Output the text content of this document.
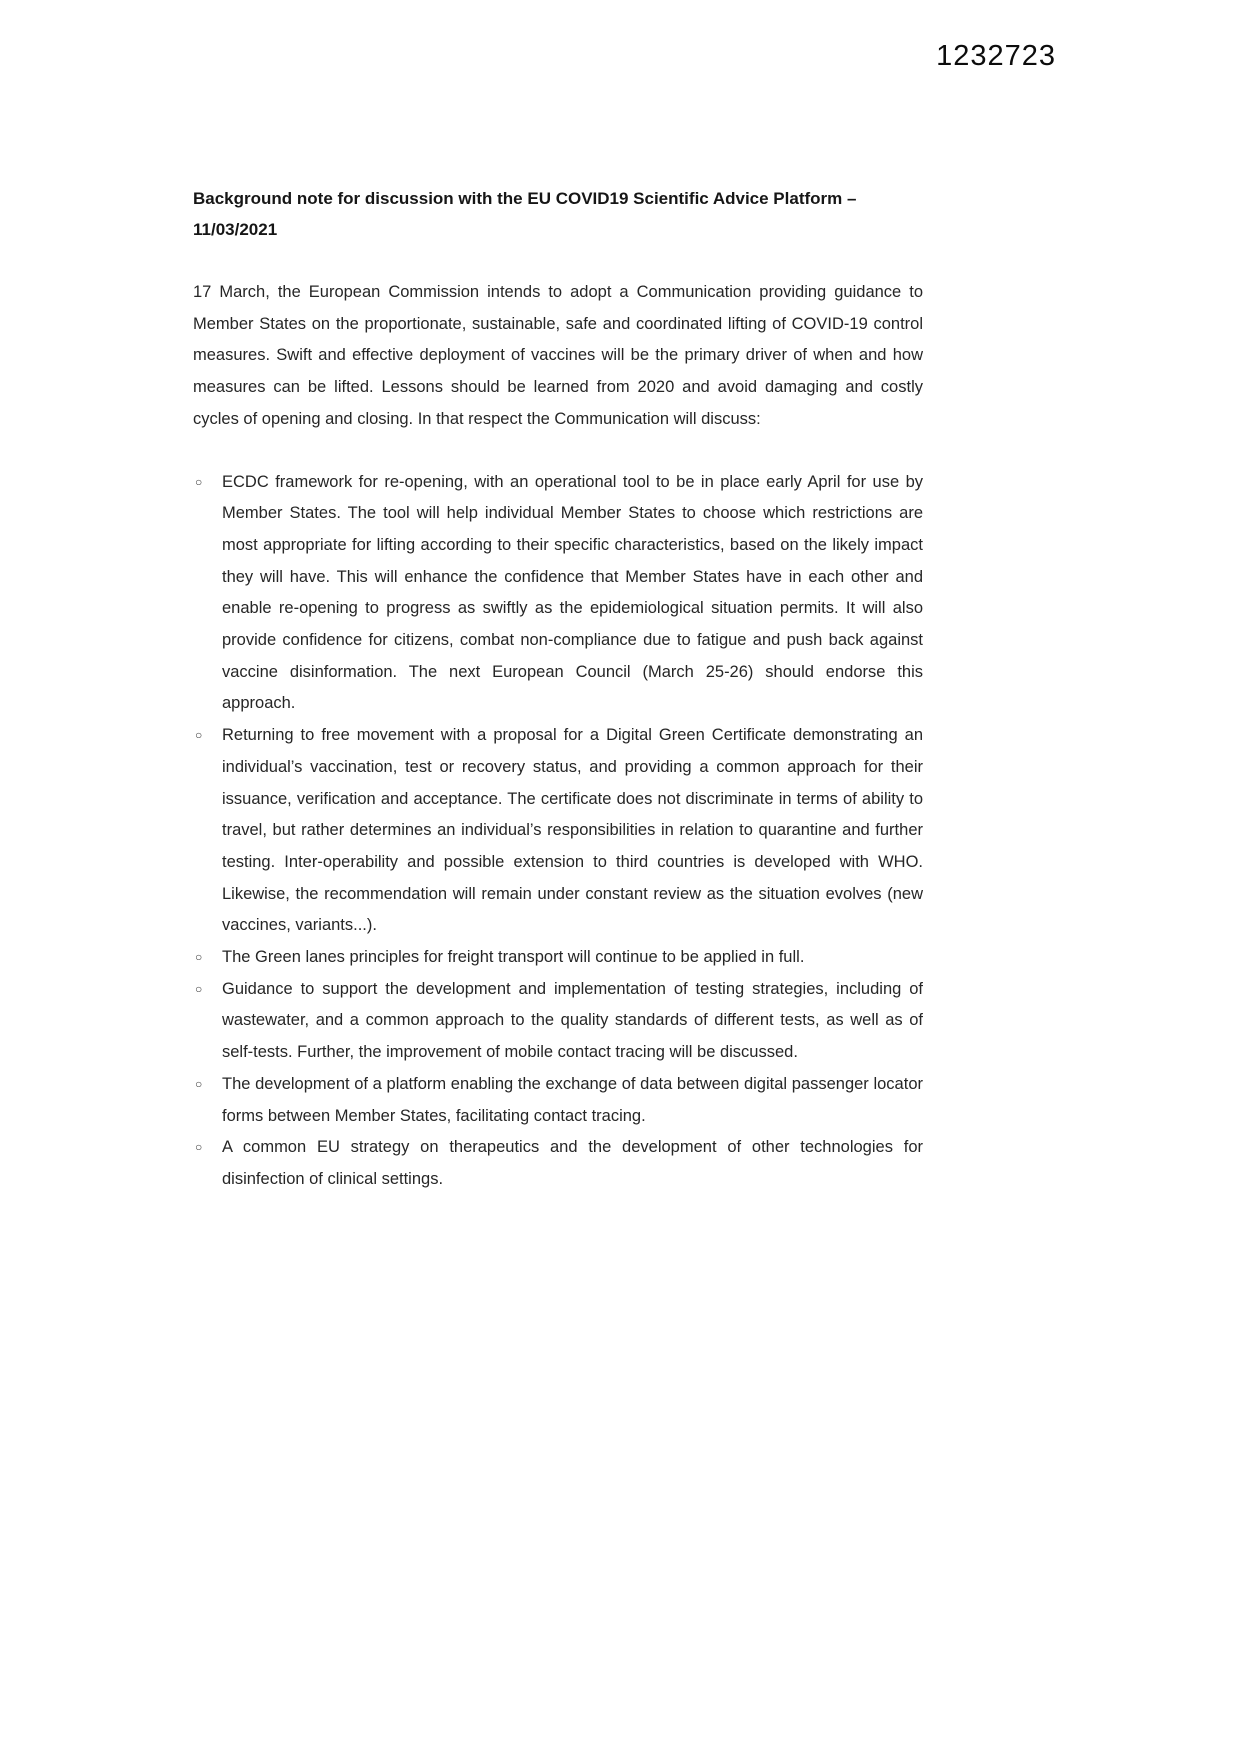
1232723
Background note for discussion with the EU COVID19 Scientific Advice Platform – 11/03/2021

17 March, the European Commission intends to adopt a Communication providing guidance to Member States on the proportionate, sustainable, safe and coordinated lifting of COVID-19 control measures. Swift and effective deployment of vaccines will be the primary driver of when and how measures can be lifted. Lessons should be learned from 2020 and avoid damaging and costly cycles of opening and closing. In that respect the Communication will discuss:

○
ECDC framework for re-opening, with an operational tool to be in place early April for use by Member States. The tool will help individual Member States to choose which restrictions are most appropriate for lifting according to their specific characteristics, based on the likely impact they will have. This will enhance the confidence that Member States have in each other and enable re-opening to progress as swiftly as the epidemiological situation permits. It will also provide confidence for citizens, combat non-compliance due to fatigue and push back against vaccine disinformation. The next European Council (March 25-26) should endorse this approach.
○
Returning to free movement with a proposal for a Digital Green Certificate demonstrating an individual’s vaccination, test or recovery status, and providing a common approach for their issuance, verification and acceptance. The certificate does not discriminate in terms of ability to travel, but rather determines an individual’s responsibilities in relation to quarantine and further testing. Inter-operability and possible extension to third countries is developed with WHO. Likewise, the recommendation will remain under constant review as the situation evolves (new vaccines, variants...).
○
The Green lanes principles for freight transport will continue to be applied in full.
○
Guidance to support the development and implementation of testing strategies, including of wastewater, and a common approach to the quality standards of different tests, as well as of self-tests. Further, the improvement of mobile contact tracing will be discussed.
○
The development of a platform enabling the exchange of data between digital passenger locator forms between Member States, facilitating contact tracing.
○
A common EU strategy on therapeutics and the development of other technologies for disinfection of clinical settings.
